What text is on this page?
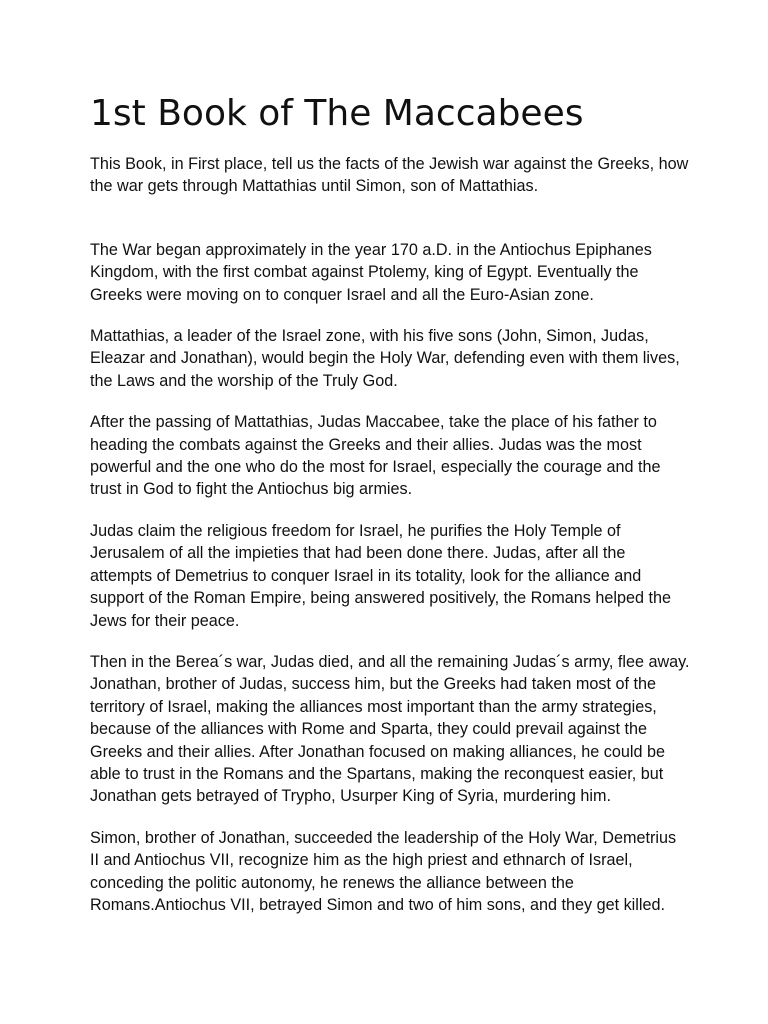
1st Book of The Maccabees

This Book, in First place, tell us the facts of the Jewish war against the Greeks, how
the war gets through Mattathias until Simon, son of Mattathias.

The War began approximately in the year 170 a.D. in the Antiochus Epiphanes
Kingdom, with the first combat against Ptolemy, king of Egypt. Eventually the
Greeks were moving on to conquer Israel and all the Euro-Asian zone.

Mattathias, a leader of the Israel zone, with his five sons (John, Simon, Judas,
Eleazar and Jonathan), would begin the Holy War, defending even with them lives,
the Laws and the worship of the Truly God.

After the passing of Mattathias, Judas Maccabee, take the place of his father to
heading the combats against the Greeks and their allies. Judas was the most
powerful and the one who do the most for Israel, especially the courage and the
trust in God to fight the Antiochus big armies.

Judas claim the religious freedom for Israel, he purifies the Holy Temple of
Jerusalem of all the impieties that had been done there. Judas, after all the
attempts of Demetrius to conquer Israel in its totality, look for the alliance and
support of the Roman Empire, being answered positively, the Romans helped the
Jews for their peace.

Then in the Berea´s war, Judas died, and all the remaining Judas´s army, flee away.
Jonathan, brother of Judas, success him, but the Greeks had taken most of the
territory of Israel, making the alliances most important than the army strategies,
because of the alliances with Rome and Sparta, they could prevail against the
Greeks and their allies. After Jonathan focused on making alliances, he could be
able to trust in the Romans and the Spartans, making the reconquest easier, but
Jonathan gets betrayed of Trypho, Usurper King of Syria, murdering him.

Simon, brother of Jonathan, succeeded the leadership of the Holy War, Demetrius
II and Antiochus VII, recognize him as the high priest and ethnarch of Israel,
conceding the politic autonomy, he renews the alliance between the
Romans.Antiochus VII, betrayed Simon and two of him sons, and they get killed.
